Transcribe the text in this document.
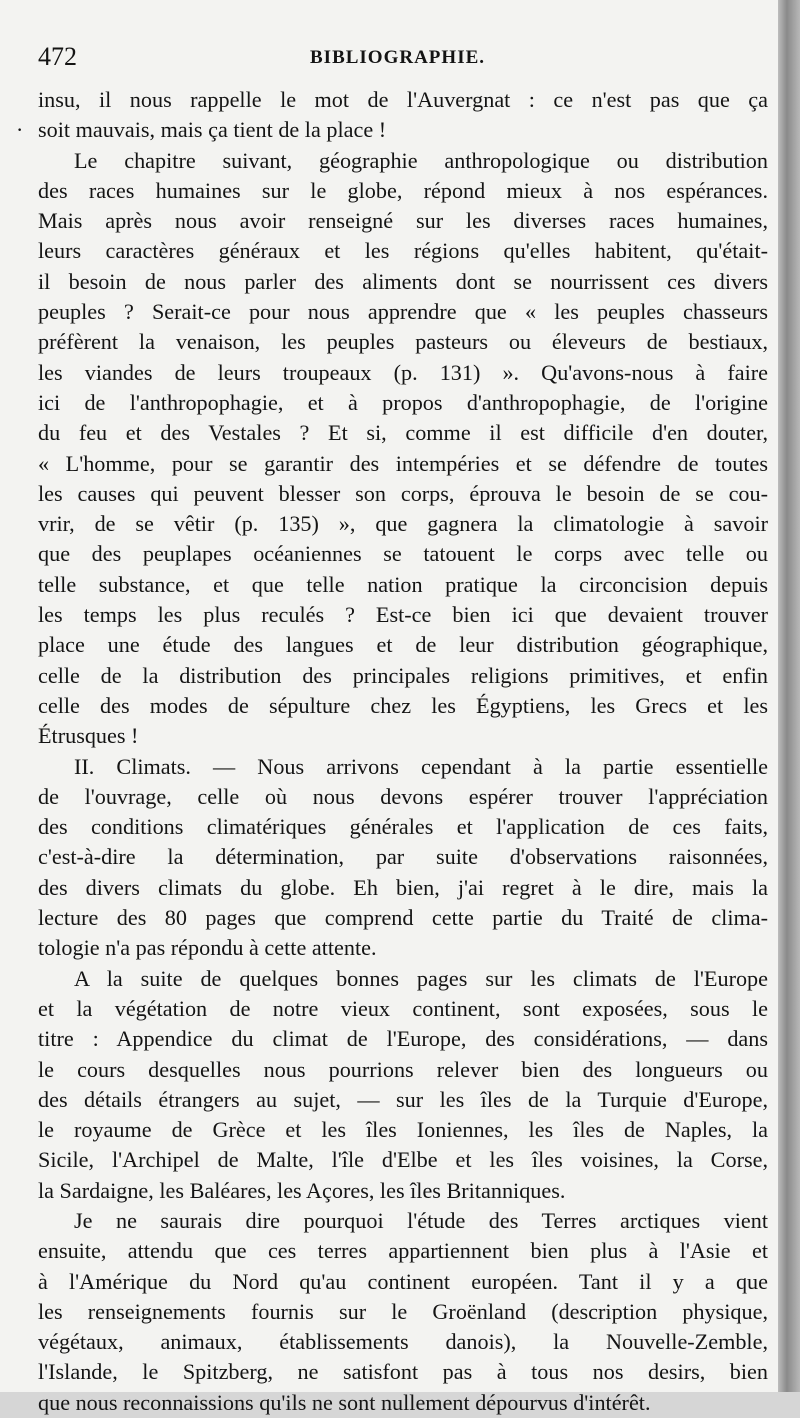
472	BIBLIOGRAPHIE.
insu, il nous rappelle le mot de l'Auvergnat : ce n'est pas que ça
· soit mauvais, mais ça tient de la place !
Le chapitre suivant, géographie anthropologique ou distribution
des races humaines sur le globe, répond mieux à nos espérances.
Mais après nous avoir renseigné sur les diverses races humaines,
leurs caractères généraux et les régions qu'elles habitent, qu'était-
il besoin de nous parler des aliments dont se nourrissent ces divers
peuples ? Serait-ce pour nous apprendre que « les peuples chasseurs
préfèrent la venaison, les peuples pasteurs ou éleveurs de bestiaux,
les viandes de leurs troupeaux (p. 131) ». Qu'avons-nous à faire
ici de l'anthropophagie, et à propos d'anthropophagie, de l'origine
du feu et des Vestales ? Et si, comme il est difficile d'en douter,
« L'homme, pour se garantir des intempéries et se défendre de toutes
les causes qui peuvent blesser son corps, éprouva le besoin de se cou-
vrir, de se vêtir (p. 135) », que gagnera la climatologie à savoir
que des peuplapes océaniennes se tatouent le corps avec telle ou
telle substance, et que telle nation pratique la circoncision depuis
les temps les plus reculés ? Est-ce bien ici que devaient trouver
place une étude des langues et de leur distribution géographique,
celle de la distribution des principales religions primitives, et enfin
celle des modes de sépulture chez les Égyptiens, les Grecs et les
Étrusques !
II. Climats. — Nous arrivons cependant à la partie essentielle
de l'ouvrage, celle où nous devons espérer trouver l'appréciation
des conditions climatériques générales et l'application de ces faits,
c'est-à-dire la détermination, par suite d'observations raisonnées,
des divers climats du globe. Eh bien, j'ai regret à le dire, mais la
lecture des 80 pages que comprend cette partie du Traité de clima-
tologie n'a pas répondu à cette attente.
A la suite de quelques bonnes pages sur les climats de l'Europe
et la végétation de notre vieux continent, sont exposées, sous le
titre : Appendice du climat de l'Europe, des considérations, — dans
le cours desquelles nous pourrions relever bien des longueurs ou
des détails étrangers au sujet, — sur les îles de la Turquie d'Europe,
le royaume de Grèce et les îles Ioniennes, les îles de Naples, la
Sicile, l'Archipel de Malte, l'île d'Elbe et les îles voisines, la Corse,
la Sardaigne, les Baléares, les Açores, les îles Britanniques.
Je ne saurais dire pourquoi l'étude des Terres arctiques vient
ensuite, attendu que ces terres appartiennent bien plus à l'Asie et
à l'Amérique du Nord qu'au continent européen. Tant il y a que
les renseignements fournis sur le Groënland (description physique,
végétaux, animaux, établissements danois), la Nouvelle-Zemble,
l'Islande, le Spitzberg, ne satisfont pas à tous nos desirs, bien
que nous reconnaissions qu'ils ne sont nullement dépourvus d'intérêt.
